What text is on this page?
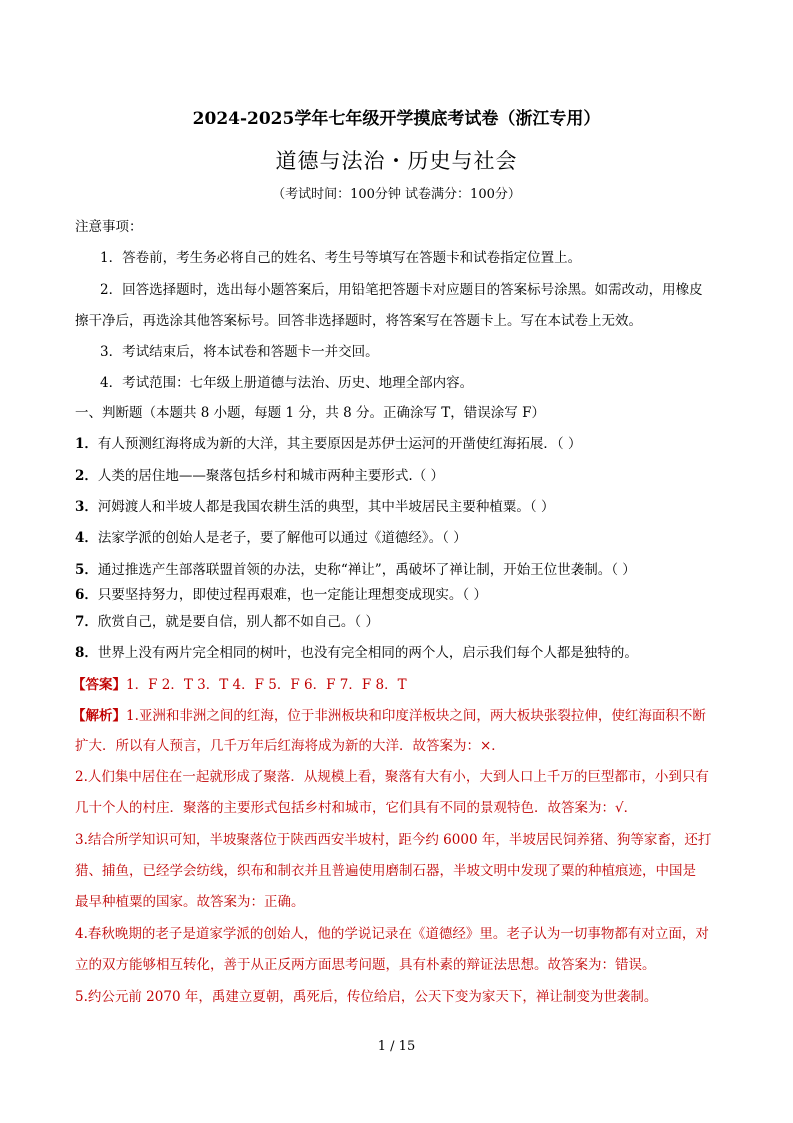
2024-2025学年七年级开学摸底考试卷（浙江专用）
道德与法治・历史与社会
（考试时间：100分钟 试卷满分：100分）
注意事项：
1．答卷前，考生务必将自己的姓名、考生号等填写在答题卡和试卷指定位置上。
2．回答选择题时，选出每小题答案后，用铅笔把答题卡对应题目的答案标号涂黑。如需改动，用橡皮
擦干净后，再选涂其他答案标号。回答非选择题时，将答案写在答题卡上。写在本试卷上无效。
3．考试结束后，将本试卷和答题卡一并交回。
4．考试范围：七年级上册道德与法治、历史、地理全部内容。
一、判断题（本题共 8 小题，每题 1 分，共 8 分。正确涂写 T，错误涂写 F）
1．有人预测红海将成为新的大洋，其主要原因是苏伊士运河的开凿使红海拓展．（ ）
2．人类的居住地——聚落包括乡村和城市两种主要形式.（ ）
3．河姆渡人和半坡人都是我国农耕生活的典型，其中半坡居民主要种植粟。（ ）
4．法家学派的创始人是老子，要了解他可以通过《道德经》。（ ）
5．通过推选产生部落联盟首领的办法，史称“禅让”，禹破坏了禅让制，开始王位世袭制。（ ）
6．只要坚持努力，即使过程再艰难，也一定能让理想变成现实。（ ）
7．欣赏自己，就是要自信，别人都不如自己。（ ）
8．世界上没有两片完全相同的树叶，也没有完全相同的两个人，启示我们每个人都是独特的。
【答案】1．F 2．T 3．T 4．F 5．F 6．F 7．F 8．T
【解析】1.亚洲和非洲之间的红海，位于非洲板块和印度洋板块之间，两大板块张裂拉伸，使红海面积不断
扩大．所以有人预言，几千万年后红海将成为新的大洋．故答案为：×．
2.人们集中居住在一起就形成了聚落．从规模上看，聚落有大有小，大到人口上千万的巨型都市，小到只有
几十个人的村庄．聚落的主要形式包括乡村和城市，它们具有不同的景观特色．故答案为：√．
3.结合所学知识可知，半坡聚落位于陕西西安半坡村，距今约 6000 年，半坡居民饲养猪、狗等家畜，还打
猎、捕鱼，已经学会纺线，织布和制衣并且普遍使用磨制石器，半坡文明中发现了粟的种植痕迹，中国是
最早种植粟的国家。故答案为：正确。
4.春秋晚期的老子是道家学派的创始人，他的学说记录在《道德经》里。老子认为一切事物都有对立面，对
立的双方能够相互转化，善于从正反两方面思考问题，具有朴素的辩证法思想。故答案为：错误。
5.约公元前 2070 年，禹建立夏朝，禹死后，传位给启，公天下变为家天下，禅让制变为世袭制。
1 / 15
